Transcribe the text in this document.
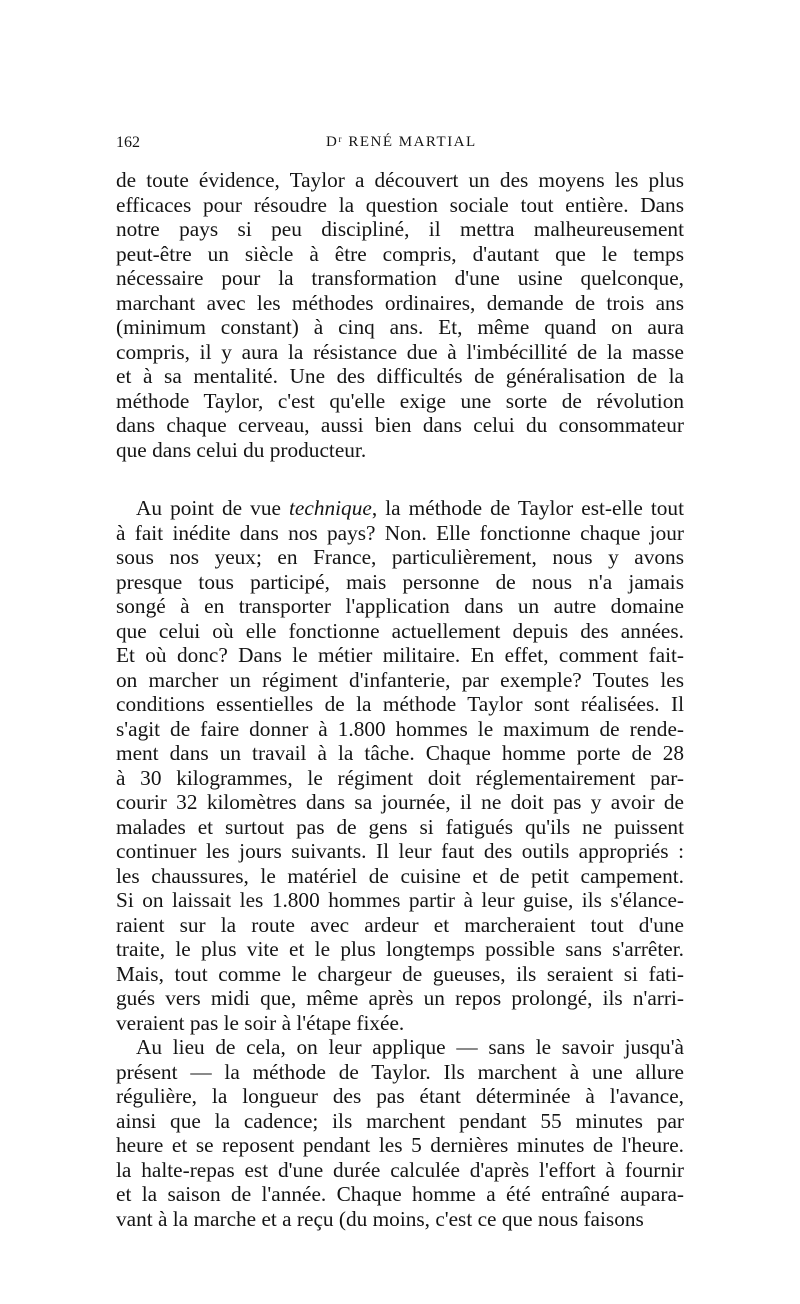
162	Dʳ RENÉ MARTIAL

de toute évidence, Taylor a découvert un des moyens les plus
efficaces pour résoudre la question sociale tout entière. Dans
notre pays si peu discipliné, il mettra malheureusement
peut-être un siècle à être compris, d'autant que le temps
nécessaire pour la transformation d'une usine quelconque,
marchant avec les méthodes ordinaires, demande de trois ans
(minimum constant) à cinq ans. Et, même quand on aura
compris, il y aura la résistance due à l'imbécillité de la masse
et à sa mentalité. Une des difficultés de généralisation de la
méthode Taylor, c'est qu'elle exige une sorte de révolution
dans chaque cerveau, aussi bien dans celui du consommateur
que dans celui du producteur.

Au point de vue technique, la méthode de Taylor est-elle tout
à fait inédite dans nos pays? Non. Elle fonctionne chaque jour
sous nos yeux; en France, particulièrement, nous y avons
presque tous participé, mais personne de nous n'a jamais
songé à en transporter l'application dans un autre domaine
que celui où elle fonctionne actuellement depuis des années.
Et où donc? Dans le métier militaire. En effet, comment fait-
on marcher un régiment d'infanterie, par exemple? Toutes les
conditions essentielles de la méthode Taylor sont réalisées. Il
s'agit de faire donner à 1.800 hommes le maximum de rende-
ment dans un travail à la tâche. Chaque homme porte de 28
à 30 kilogrammes, le régiment doit réglementairement par-
courir 32 kilomètres dans sa journée, il ne doit pas y avoir de
malades et surtout pas de gens si fatigués qu'ils ne puissent
continuer les jours suivants. Il leur faut des outils appropriés :
les chaussures, le matériel de cuisine et de petit campement.
Si on laissait les 1.800 hommes partir à leur guise, ils s'élance-
raient sur la route avec ardeur et marcheraient tout d'une
traite, le plus vite et le plus longtemps possible sans s'arrêter.
Mais, tout comme le chargeur de gueuses, ils seraient si fati-
gués vers midi que, même après un repos prolongé, ils n'arri-
veraient pas le soir à l'étape fixée.

Au lieu de cela, on leur applique — sans le savoir jusqu'à
présent — la méthode de Taylor. Ils marchent à une allure
régulière, la longueur des pas étant déterminée à l'avance,
ainsi que la cadence; ils marchent pendant 55 minutes par
heure et se reposent pendant les 5 dernières minutes de l'heure.
la halte-repas est d'une durée calculée d'après l'effort à fournir
et la saison de l'année. Chaque homme a été entraîné aupara-
vant à la marche et a reçu (du moins, c'est ce que nous faisons
